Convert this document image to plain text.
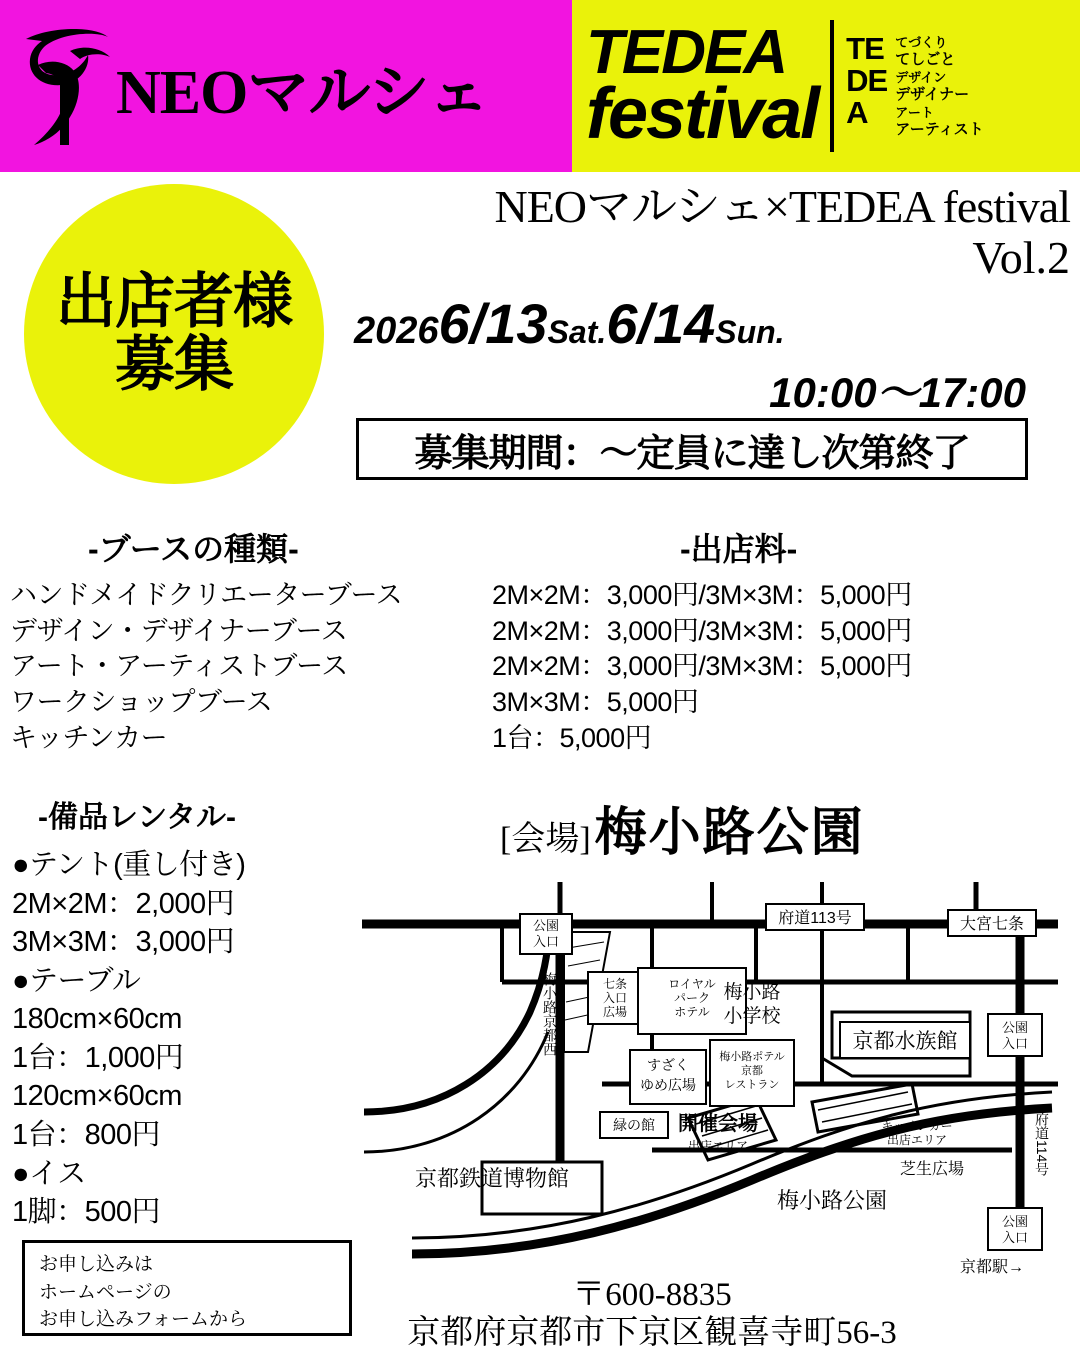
NEOマルシェ
TEDEA
festival
TE
DE
A
てづくり
てしごと
デザイン
デザイナー
アート
アーティスト
出店者様
募集
NEOマルシェ×TEDEA festival
Vol.2
20266/13Sat.6/14Sun.
10:00〜17:00
募集期間：〜定員に達し次第終了
-ブースの種類-	-出店料-
ハンドメイドクリエーターブース
デザイン・デザイナーブース
アート・アーティストブース
ワークショップブース
キッチンカー
2M×2M：3,000円/3M×3M：5,000円
2M×2M：3,000円/3M×3M：5,000円
2M×2M：3,000円/3M×3M：5,000円
3M×3M：5,000円
1台：5,000円
-備品レンタル-
●テント(重し付き)
2M×2M：2,000円
3M×3M：3,000円
●テーブル
180cm×60cm
1台：1,000円
120cm×60cm
1台：800円
●イス
1脚：500円
お申し込みは
ホームページの
お申し込みフォームから
[会場] 梅小路公園
公園
入口
府道113号	大宮七条
七条
入口
広場
ロイヤル
パーク
ホテル
梅小路
小学校
すざく
ゆめ広場
梅小路ポテル
京都
レストラン
京都水族館
公園
入口
公園
入口
緑の館 開催会場
出店エリア
キッチンカー
出店エリア
芝生広場
京都鉄道博物館
梅小路公園
京都駅→
梅小路京都西
府道114号
〒600-8835
京都府京都市下京区観喜寺町56-3
